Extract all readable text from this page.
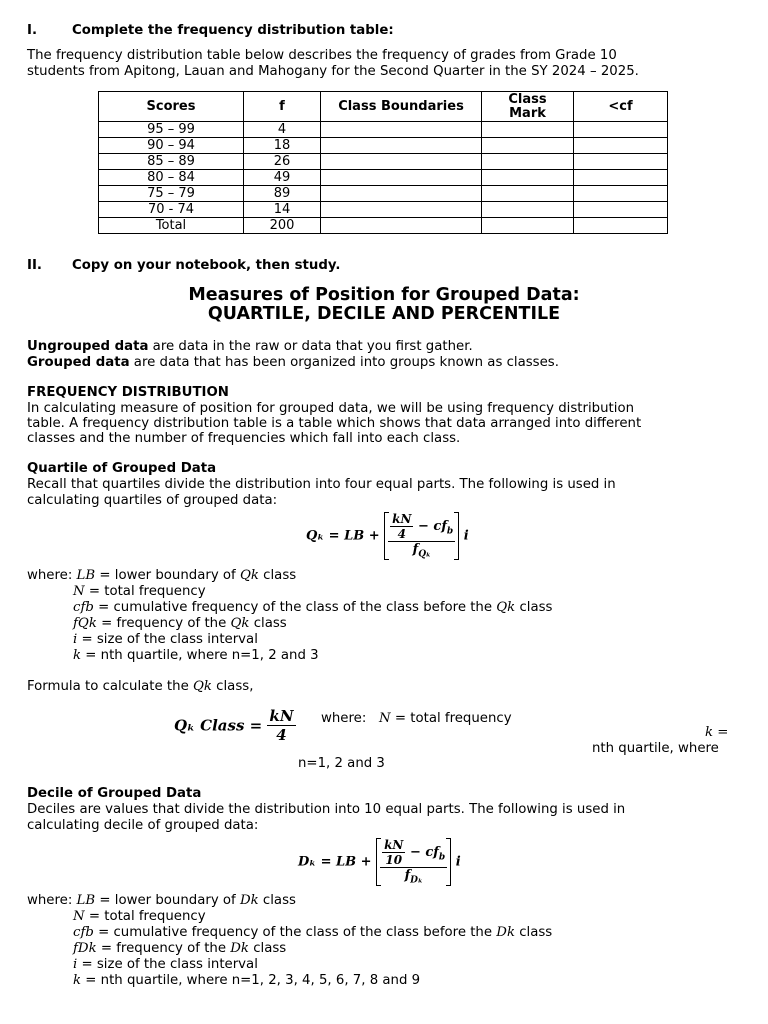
I.	Complete the frequency distribution table:
The frequency distribution table below describes the frequency of grades from Grade 10
students from Apitong, Lauan and Mahogany for the Second Quarter in the SY 2024 – 2025.
Scores	f	Class Boundaries	Class Mark	<cf
95 – 99	4			
90 – 94	18			
85 – 89	26			
80 – 84	49			
75 – 79	89			
70 - 74	14			
Total	200			
II. Copy on your notebook, then study.
Measures of Position for Grouped Data:
QUARTILE, DECILE AND PERCENTILE
Ungrouped data are data in the raw or data that you first gather.
Grouped data are data that has been organized into groups known as classes.
FREQUENCY DISTRIBUTION
In calculating measure of position for grouped data, we will be using frequency distribution
table. A frequency distribution table is a table which shows that data arranged into different
classes and the number of frequencies which fall into each class.
Quartile of Grouped Data
Recall that quartiles divide the distribution into four equal parts. The following is used in
calculating quartiles of grouped data:
Qₖ = LB + $\frac{\frac{kN}{4} - cf_b}{f_{Q_k}}$ i
where: LB = lower boundary of Qk class
N = total frequency
cfb = cumulative frequency of the class of the class before the Qk class
fQk = frequency of the Qk class
i = size of the class interval
k = nth quartile, where n=1, 2 and 3
Formula to calculate the Qk class,
Qₖ Class = $\frac{kN}{4}$ where: N = total frequency
k =
nth quartile, where
n=1, 2 and 3
Decile of Grouped Data
Deciles are values that divide the distribution into 10 equal parts. The following is used in
calculating decile of grouped data:
Dₖ = LB + $\frac{\frac{kN}{10} - cf_b}{f_{D_k}}$ i
where: LB = lower boundary of Dk class
N = total frequency
cfb = cumulative frequency of the class of the class before the Dk class
fDk = frequency of the Dk class
i = size of the class interval
k = nth quartile, where n=1, 2, 3, 4, 5, 6, 7, 8 and 9
